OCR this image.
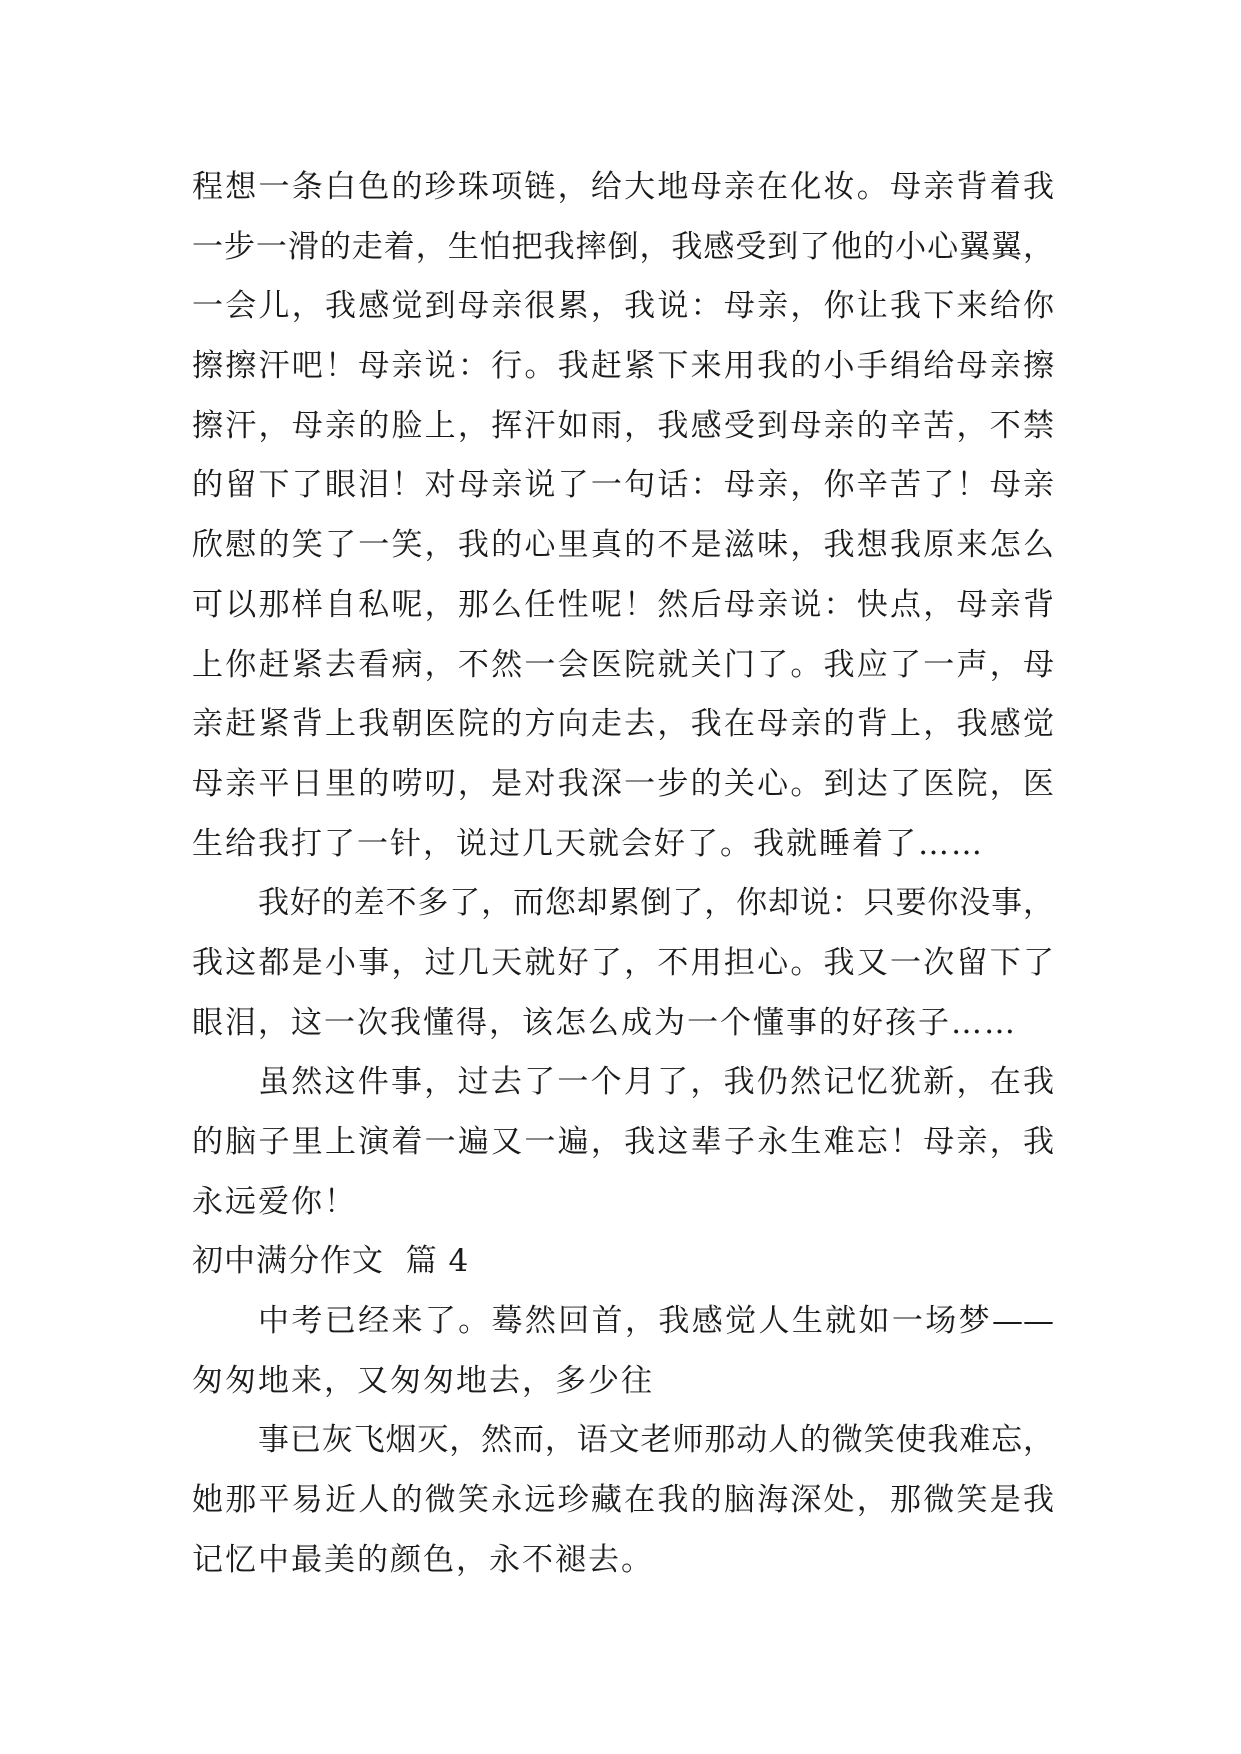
程想一条白色的珍珠项链，给大地母亲在化妆。母亲背着我
一步一滑的走着，生怕把我摔倒，我感受到了他的小心翼翼，
一会儿，我感觉到母亲很累，我说：母亲，你让我下来给你
擦擦汗吧！母亲说：行。我赶紧下来用我的小手绢给母亲擦
擦汗，母亲的脸上，挥汗如雨，我感受到母亲的辛苦，不禁
的留下了眼泪！对母亲说了一句话：母亲，你辛苦了！母亲
欣慰的笑了一笑，我的心里真的不是滋味，我想我原来怎么
可以那样自私呢，那么任性呢！然后母亲说：快点，母亲背
上你赶紧去看病，不然一会医院就关门了。我应了一声，母
亲赶紧背上我朝医院的方向走去，我在母亲的背上，我感觉
母亲平日里的唠叨，是对我深一步的关心。到达了医院，医
生给我打了一针，说过几天就会好了。我就睡着了……
我好的差不多了，而您却累倒了，你却说：只要你没事，
我这都是小事，过几天就好了，不用担心。我又一次留下了
眼泪，这一次我懂得，该怎么成为一个懂事的好孩子……
虽然这件事，过去了一个月了，我仍然记忆犹新，在我
的脑子里上演着一遍又一遍，我这辈子永生难忘！母亲，我
永远爱你！
初中满分作文  篇 4
中考已经来了。蓦然回首，我感觉人生就如一场梦——
匆匆地来，又匆匆地去，多少往
事已灰飞烟灭，然而，语文老师那动人的微笑使我难忘，
她那平易近人的微笑永远珍藏在我的脑海深处，那微笑是我
记忆中最美的颜色，永不褪去。
